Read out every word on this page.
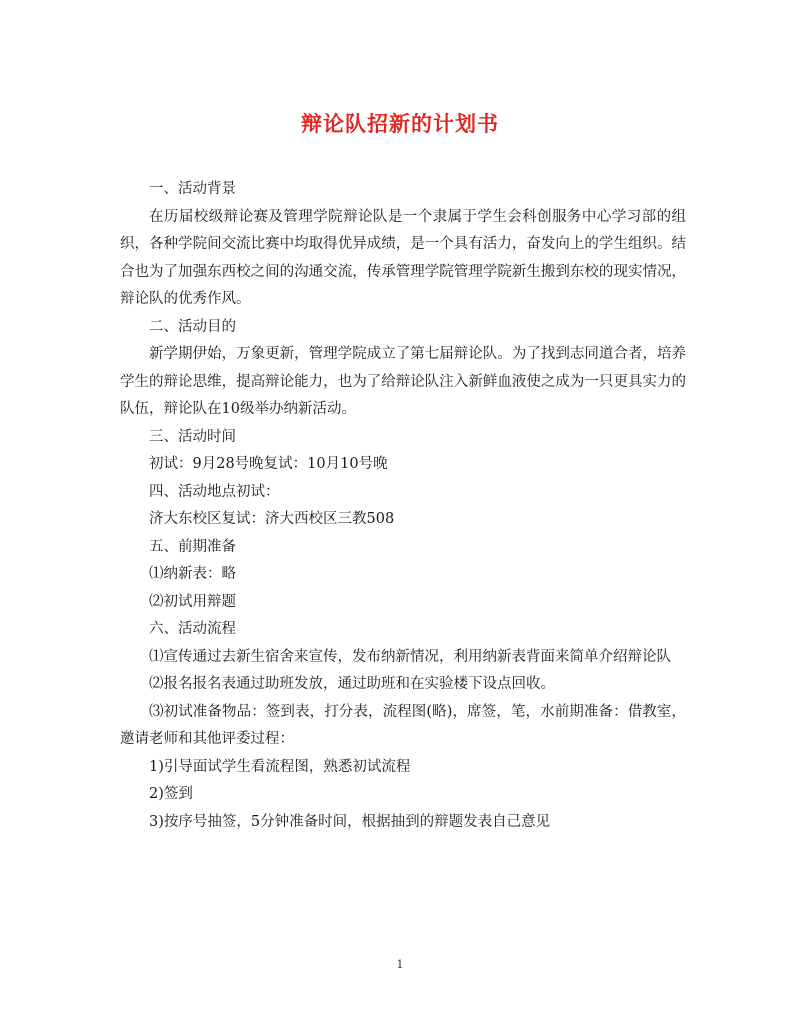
辩论队招新的计划书

一、活动背景

在历届校级辩论赛及管理学院辩论队是一个隶属于学生会科创服务中心学习部的组织，各种学院间交流比赛中均取得优异成绩，是一个具有活力，奋发向上的学生组织。结合也为了加强东西校之间的沟通交流，传承管理学院管理学院新生搬到东校的现实情况，辩论队的优秀作风。

二、活动目的

新学期伊始，万象更新，管理学院成立了第七届辩论队。为了找到志同道合者，培养学生的辩论思维，提高辩论能力，也为了给辩论队注入新鲜血液使之成为一只更具实力的队伍，辩论队在10级举办纳新活动。

三、活动时间

初试：9月28号晚复试：10月10号晚

四、活动地点初试：

济大东校区复试：济大西校区三教508

五、前期准备

⑴纳新表：略

⑵初试用辩题

六、活动流程

⑴宣传通过去新生宿舍来宣传，发布纳新情况，利用纳新表背面来简单介绍辩论队

⑵报名报名表通过助班发放，通过助班和在实验楼下设点回收。

⑶初试准备物品：签到表，打分表，流程图(略)，席签，笔，水前期准备：借教室，邀请老师和其他评委过程：

1)引导面试学生看流程图，熟悉初试流程

2)签到

3)按序号抽签，5分钟准备时间，根据抽到的辩题发表自己意见

1
